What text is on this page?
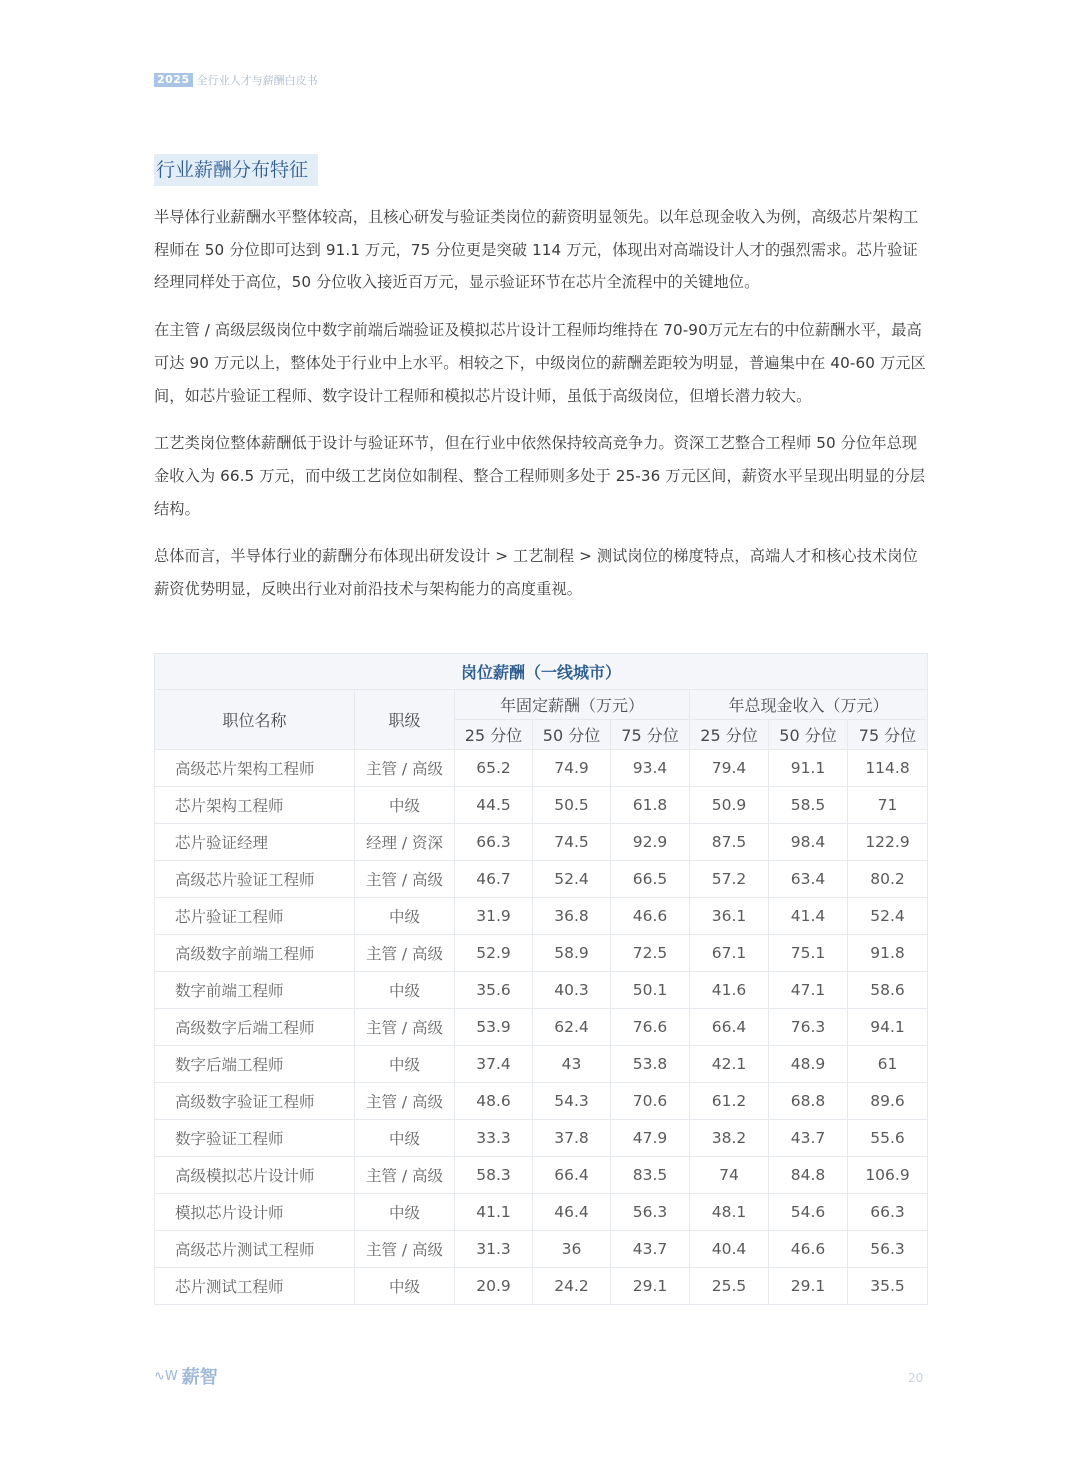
2025 全行业人才与薪酬白皮书
行业薪酬分布特征

半导体行业薪酬水平整体较高，且核心研发与验证类岗位的薪资明显领先。以年总现金收入为例，高级芯片架构工程师在 50 分位即可达到 91.1 万元，75 分位更是突破 114 万元，体现出对高端设计人才的强烈需求。芯片验证经理同样处于高位，50 分位收入接近百万元，显示验证环节在芯片全流程中的关键地位。

在主管 / 高级层级岗位中数字前端后端验证及模拟芯片设计工程师均维持在 70-90万元左右的中位薪酬水平，最高可达 90 万元以上，整体处于行业中上水平。相较之下，中级岗位的薪酬差距较为明显，普遍集中在 40-60 万元区间，如芯片验证工程师、数字设计工程师和模拟芯片设计师，虽低于高级岗位，但增长潜力较大。

工艺类岗位整体薪酬低于设计与验证环节，但在行业中依然保持较高竞争力。资深工艺整合工程师 50 分位年总现金收入为 66.5 万元，而中级工艺岗位如制程、整合工程师则多处于 25-36 万元区间，薪资水平呈现出明显的分层结构。

总体而言，半导体行业的薪酬分布体现出研发设计 > 工艺制程 > 测试岗位的梯度特点，高端人才和核心技术岗位薪资优势明显，反映出行业对前沿技术与架构能力的高度重视。

岗位薪酬（一线城市）							
职位名称	职级	年固定薪酬（万元）			年总现金收入（万元）		
		25 分位	50 分位	75 分位	25 分位	50 分位	75 分位
高级芯片架构工程师	主管 / 高级	65.2	74.9	93.4	79.4	91.1	114.8
芯片架构工程师	中级	44.5	50.5	61.8	50.9	58.5	71
芯片验证经理	经理 / 资深	66.3	74.5	92.9	87.5	98.4	122.9
高级芯片验证工程师	主管 / 高级	46.7	52.4	66.5	57.2	63.4	80.2
芯片验证工程师	中级	31.9	36.8	46.6	36.1	41.4	52.4
高级数字前端工程师	主管 / 高级	52.9	58.9	72.5	67.1	75.1	91.8
数字前端工程师	中级	35.6	40.3	50.1	41.6	47.1	58.6
高级数字后端工程师	主管 / 高级	53.9	62.4	76.6	66.4	76.3	94.1
数字后端工程师	中级	37.4	43	53.8	42.1	48.9	61
高级数字验证工程师	主管 / 高级	48.6	54.3	70.6	61.2	68.8	89.6
数字验证工程师	中级	33.3	37.8	47.9	38.2	43.7	55.6
高级模拟芯片设计师	主管 / 高级	58.3	66.4	83.5	74	84.8	106.9
模拟芯片设计师	中级	41.1	46.4	56.3	48.1	54.6	66.3
高级芯片测试工程师	主管 / 高级	31.3	36	43.7	40.4	46.6	56.3
芯片测试工程师	中级	20.9	24.2	29.1	25.5	29.1	35.5
∿W 薪智	20
